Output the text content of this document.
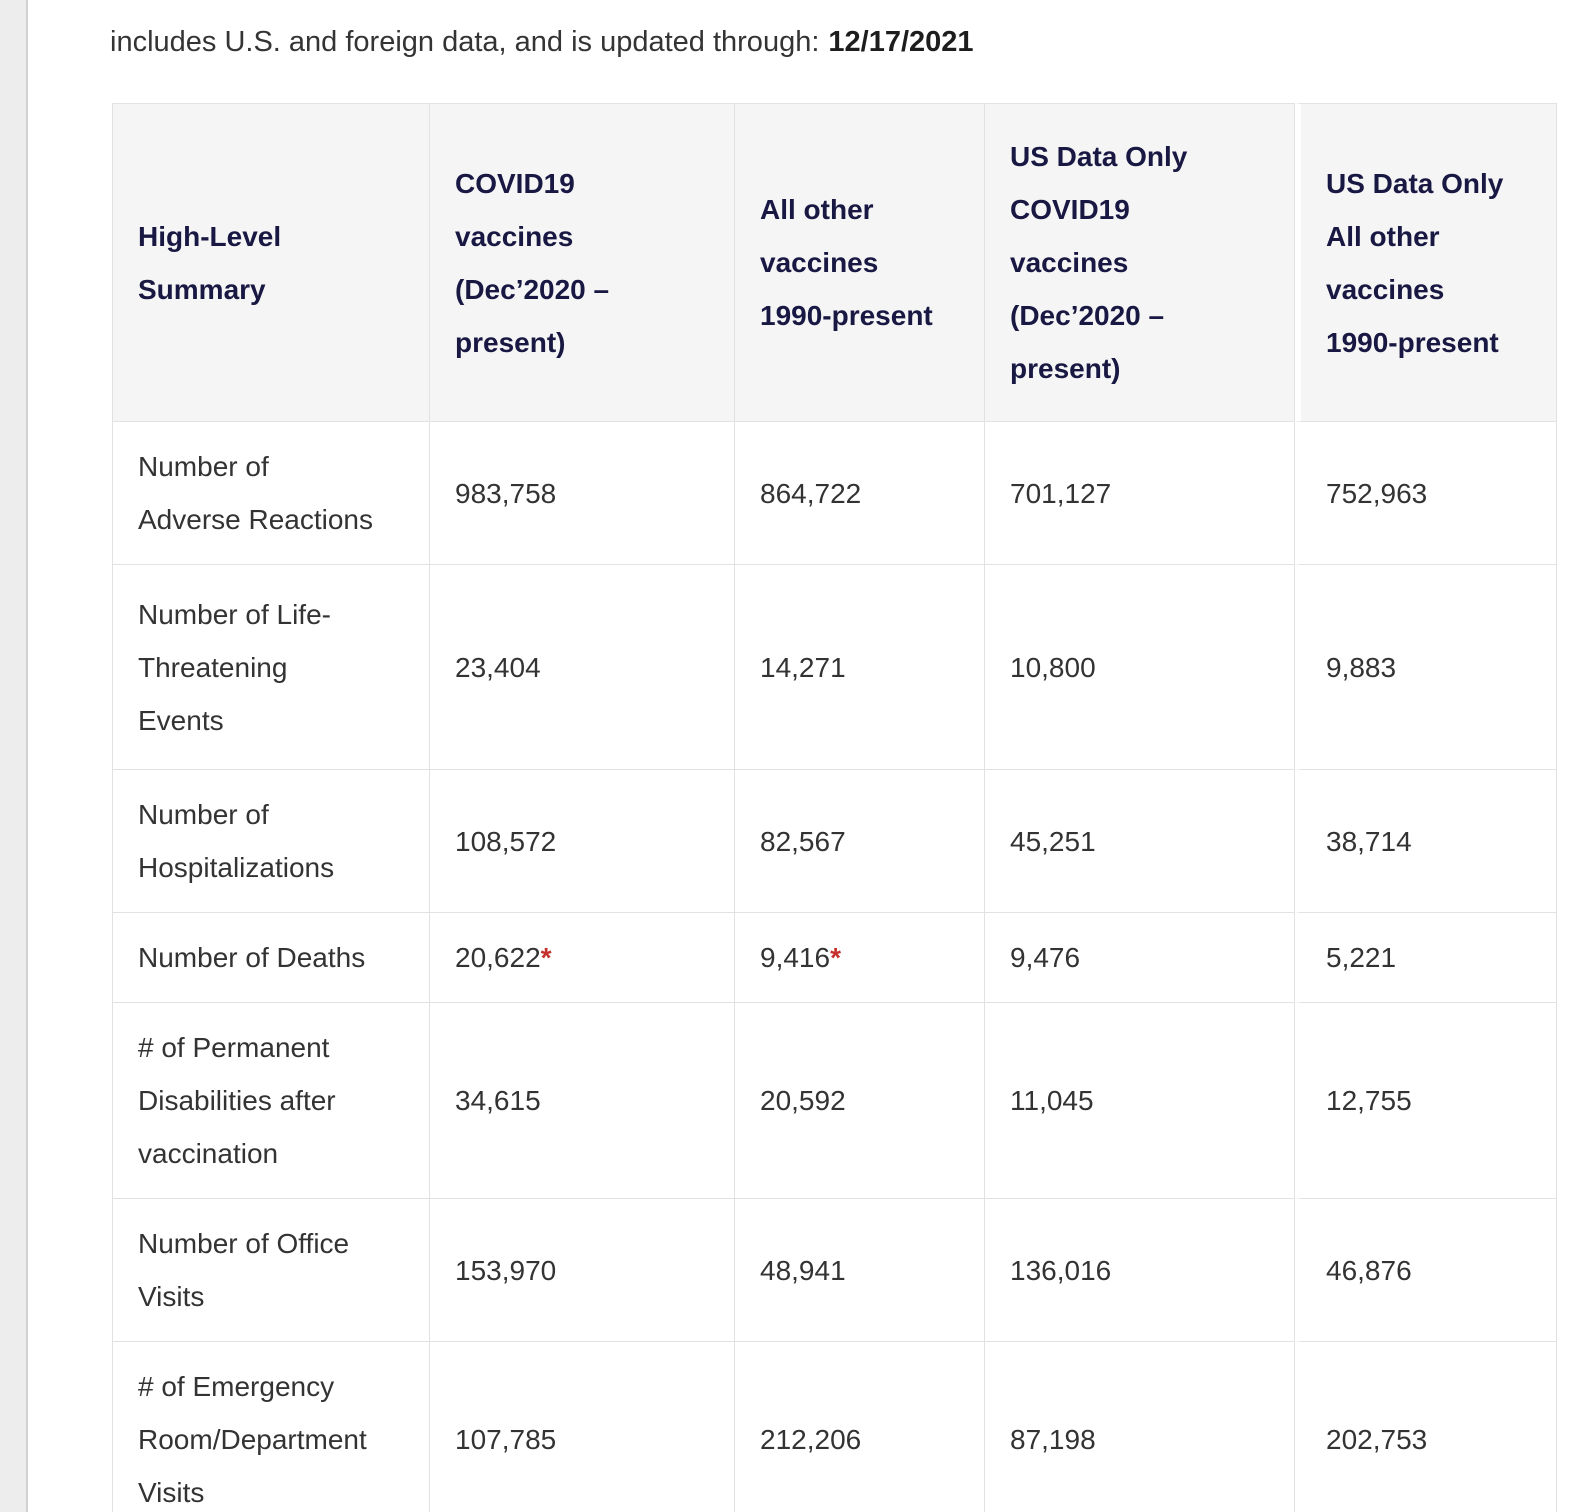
includes U.S. and foreign data, and is updated through: 12/17/2021

High-Level
Summary	COVID19
vaccines
(Dec’2020 –
present)	All other
vaccines
1990-present	US Data Only
COVID19
vaccines
(Dec’2020 –
present)	US Data Only
All other
vaccines
1990-present

Number of
Adverse Reactions	983,758	864,722	701,127	752,963

Number of Life-
Threatening
Events	23,404	14,271	10,800	9,883

Number of
Hospitalizations	108,572	82,567	45,251	38,714

Number of Deaths	20,622*	9,416*	9,476	5,221

# of Permanent
Disabilities after
vaccination	34,615	20,592	11,045	12,755

Number of Office
Visits	153,970	48,941	136,016	46,876

# of Emergency
Room/Department
Visits	107,785	212,206	87,198	202,753
